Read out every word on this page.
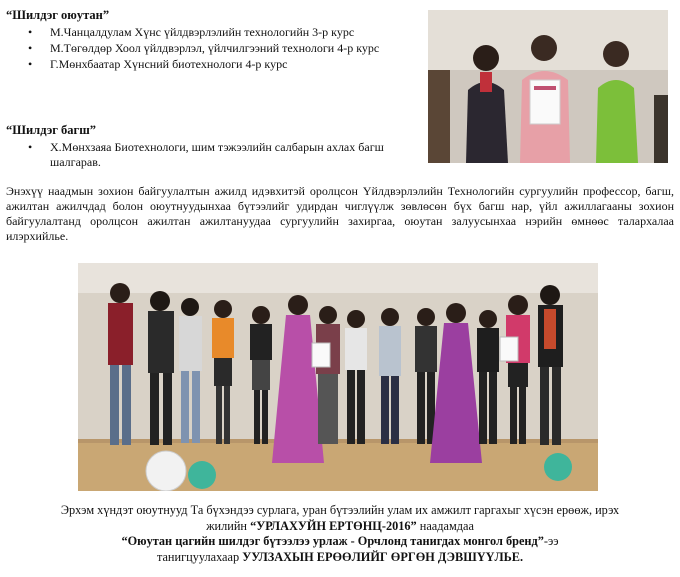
“Шилдэг оюутан”

• М.Чанцалдулам Хүнс үйлдвэрлэлийн технологийн 3-р курс
• М.Төгөлдөр Хоол үйлдвэрлэл, үйлчилгээний технологи 4-р курс
• Г.Мөнхбаатар Хүнсний биотехнологи 4-р курс

“Шилдэг багш”

• Х.Мөнхзаяа Биотехнологи, шим тэжээлийн салбарын ахлах багш шалгарав.

Энэхүү наадмын зохион байгуулалтын ажилд идэвхитэй оролцсон Үйлдвэрлэлийн Технологийн сургуулийн профессор, багш, ажилтан ажилчдад болон оюутнуудынхаа бүтээлийг удирдан чиглүүлж зөвлөсөн бүх багш нар, үйл ажиллагааны зохион байгуулалтанд оролцсон ажилтан ажилтануудаа сургуулийн захиргаа, оюутан залуусынхаа нэрийн өмнөөс талархалаа илэрхийлье.

Эрхэм хүндэт оюутнууд Та бүхэндээ сурлага, уран бүтээлийн улам их амжилт гаргахыг хүсэн ерөөж, ирэх
жилийн “УРЛАХУЙН ЕРТӨНЦ-2016” наадамдаа
“Оюутан цагийн шилдэг бүтээлээ урлаж - Орчлонд танигдах монгол бренд”-ээ
танигцуулахаар УУЛЗАХЫН ЕРӨӨЛИЙГ ӨРГӨН ДЭВШҮҮЛЬЕ.
